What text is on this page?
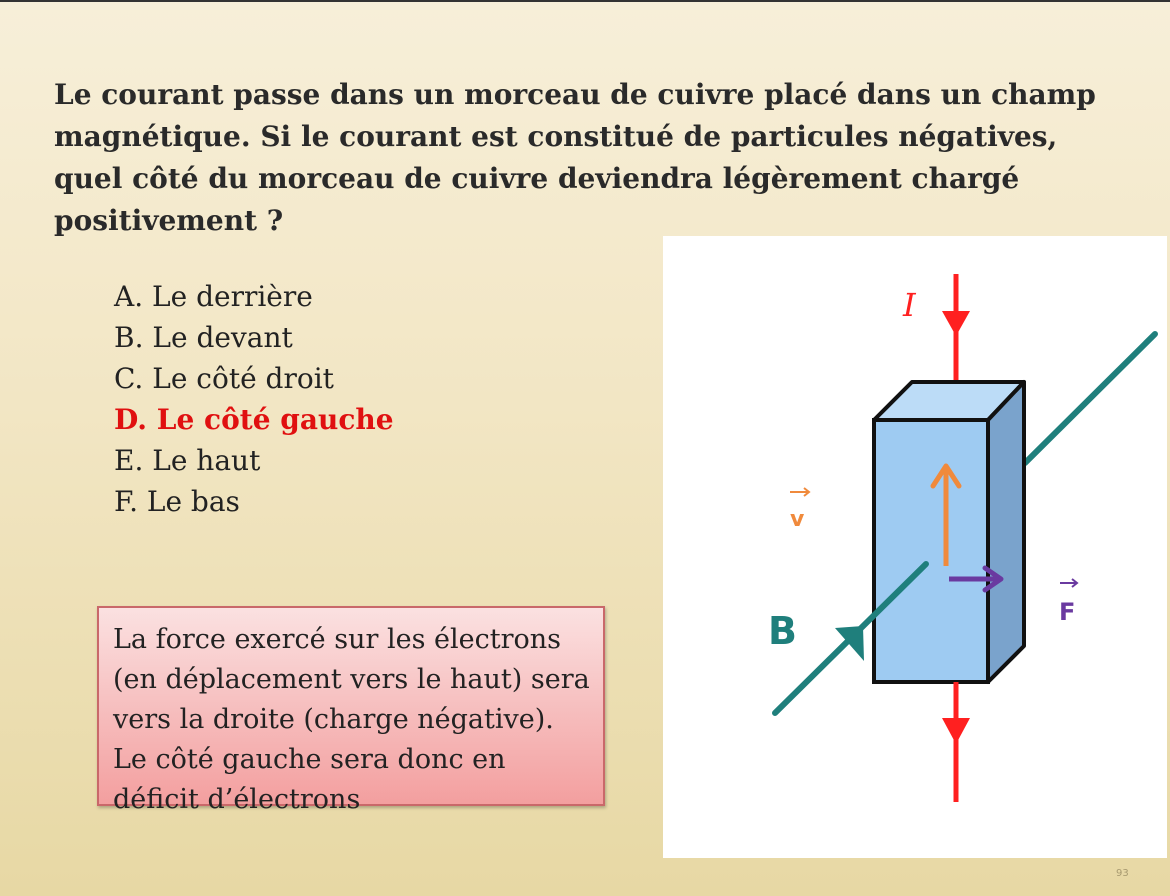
Le courant passe dans un morceau de cuivre placé dans un champ magnétique. Si le courant est constitué de particules négatives, quel côté du morceau de cuivre deviendra légèrement chargé positivement ?
A. Le derrière
B. Le devant
C. Le côté droit
D. Le côté gauche
E. Le haut
F. Le bas
La force exercé sur les électrons (en déplacement vers le haut) sera vers la droite (charge négative). Le côté gauche sera donc en déficit d’électrons
I
v
F
B
93
